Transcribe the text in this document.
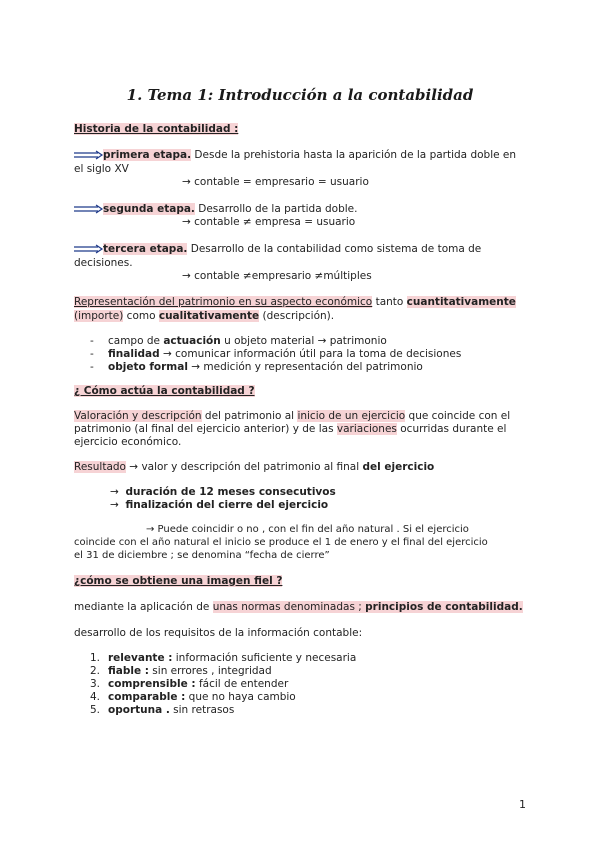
1. Tema 1: Introducción a la contabilidad
Historia de la contabilidad :
primera etapa. Desde la prehistoria hasta la aparición de la partida doble en
el siglo XV
→ contable = empresario = usuario
segunda etapa. Desarrollo de la partida doble.
→ contable ≠ empresa = usuario
tercera etapa. Desarrollo de la contabilidad como sistema de toma de
decisiones.
→ contable ≠empresario ≠múltiples
Representación del patrimonio en su aspecto económico tanto cuantitativamente
(importe) como cualitativamente (descripción).
- campo de actuación u objeto material → patrimonio
- finalidad → comunicar información útil para la toma de decisiones
- objeto formal → medición y representación del patrimonio
¿ Cómo actúa la contabilidad ?
Valoración y descripción del patrimonio al inicio de un ejercicio que coincide con el
patrimonio (al final del ejercicio anterior) y de las variaciones ocurridas durante el
ejercicio económico.
Resultado → valor y descripción del patrimonio al final del ejercicio
→ duración de 12 meses consecutivos
→ finalización del cierre del ejercicio
→ Puede coincidir o no , con el fin del año natural . Si el ejercicio
coincide con el año natural el inicio se produce el 1 de enero y el final del ejercicio
el 31 de diciembre ; se denomina “fecha de cierre”
¿cómo se obtiene una imagen fiel ?
mediante la aplicación de unas normas denominadas ; principios de contabilidad.
desarrollo de los requisitos de la información contable:
1. relevante : información suficiente y necesaria
2. fiable : sin errores , integridad
3. comprensible : fácil de entender
4. comparable : que no haya cambio
5. oportuna . sin retrasos
1
